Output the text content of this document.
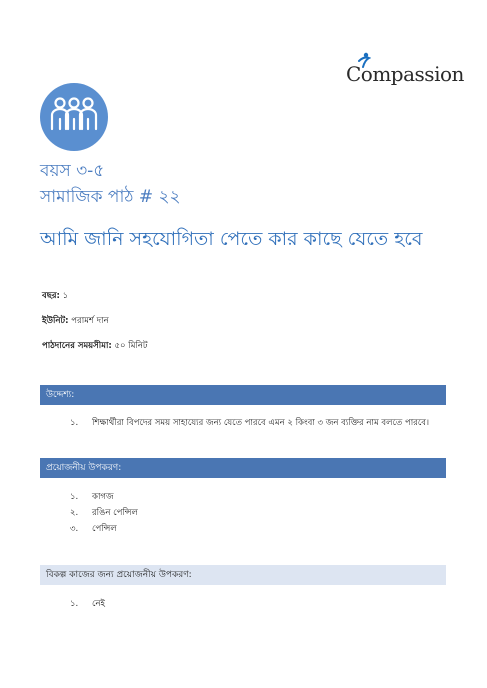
Compassion
বয়স ৩-৫
সামাজিক পাঠ # ২২
আমি জানি সহযোগিতা পেতে কার কাছে যেতে হবে
বছর: ১
ইউনিট: পরামর্শ দান
পাঠদানের সময়সীমা: ৫০ মিনিট
উদ্দেশ্য:
১. শিক্ষার্থীরা বিপদের সময় সাহায্যের জন্য যেতে পারবে এমন ২ কিংবা ৩ জন ব্যক্তির নাম বলতে পারবে।
প্রয়োজনীয় উপকরণ:
১. কাগজ
২. রঙিন পেন্সিল
৩. পেন্সিল
বিকল্প কাজের জন্য প্রয়োজনীয় উপকরণ:
১. নেই
